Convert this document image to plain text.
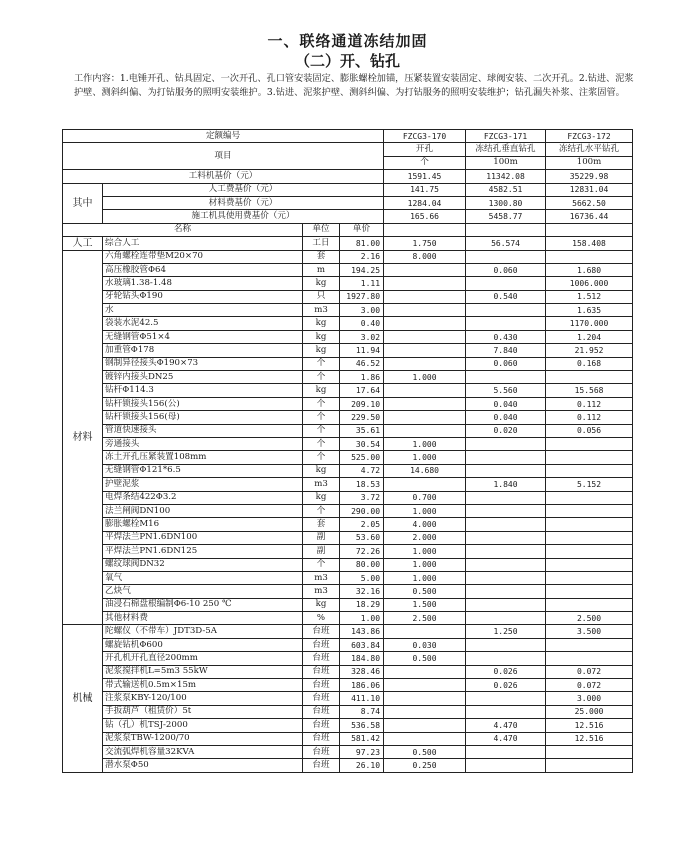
一、联络通道冻结加固
（二）开、钻孔
工作内容：1.电锤开孔、钻具固定、一次开孔、孔口管安装固定、膨胀螺栓加锚，压紧装置安装固定、球阀安装、二次开孔。2.钻进、泥浆护壁、测斜纠偏、为打钻服务的照明安装维护。3.钻进、泥浆护壁、测斜纠偏、为打钻服务的照明安装维护；钻孔漏失补浆、注浆固管。
定额编号				FZCG3-170	FZCG3-171	FZCG3-172
项目				开孔	冻结孔垂直钻孔	冻结孔水平钻孔
				个	100m	100m
工料机基价（元）				1591.45	11342.08	35229.98
其中	人工费基价（元）			141.75	4582.51	12831.04
	材料费基价（元）			1284.04	1300.80	5662.50
	施工机具使用费基价（元）			165.66	5458.77	16736.44
名称		单位	单价			
人工	综合人工	工日	81.00	1.750	56.574	158.408
材料	六角螺栓连带垫M20×70	套	2.16	8.000		
	高压橡胶管Φ64	m	194.25		0.060	1.680
	水玻璃1.38-1.48	kg	1.11			1006.000
	牙轮钻头Φ190	只	1927.80		0.540	1.512
	水	m3	3.00			1.635
	袋装水泥42.5	kg	0.40			1170.000
	无缝钢管Φ51×4	kg	3.02		0.430	1.204
	加重管Φ178	kg	11.94		7.840	21.952
	钢制异径接头Φ190×73	个	46.52		0.060	0.168
	镀锌内接头DN25	个	1.86	1.000		
	钻杆Φ114.3	kg	17.64		5.560	15.568
	钻杆锁接头156(公)	个	209.10		0.040	0.112
	钻杆锁接头156(母)	个	229.50		0.040	0.112
	管道快速接头	个	35.61		0.020	0.056
	旁通接头	个	30.54	1.000		
	冻土开孔压紧装置108mm	个	525.00	1.000		
	无缝钢管Φ121*6.5	kg	4.72	14.680		
	护壁泥浆	m3	18.53		1.840	5.152
	电焊条结422Φ3.2	kg	3.72	0.700		
	法兰闸阀DN100	个	290.00	1.000		
	膨胀螺栓M16	套	2.05	4.000		
	平焊法兰PN1.6DN100	副	53.60	2.000		
	平焊法兰PN1.6DN125	副	72.26	1.000		
	螺纹球阀DN32	个	80.00	1.000		
	氧气	m3	5.00	1.000		
	乙炔气	m3	32.16	0.500		
	油浸石棉盘根编制Φ6-10 250 ℃	kg	18.29	1.500		
	其他材料费	%	1.00	2.500		2.500
机械	陀螺仪（不带车）JDT3D-5A	台班	143.86		1.250	3.500
	螺旋钻机Φ600	台班	603.84	0.030		
	开孔机开孔直径200mm	台班	184.80	0.500		
	泥浆搅拌机L=5m3 55kW	台班	328.46		0.026	0.072
	带式输送机0.5m×15m	台班	186.06		0.026	0.072
	注浆泵KBY-120/100	台班	411.10			3.000
	手扳葫芦（租赁价）5t	台班	8.74			25.000
	钻（孔）机TSJ-2000	台班	536.58		4.470	12.516
	泥浆泵TBW-1200/70	台班	581.42		4.470	12.516
	交流弧焊机容量32KVA	台班	97.23	0.500		
	潜水泵Φ50	台班	26.10	0.250		
